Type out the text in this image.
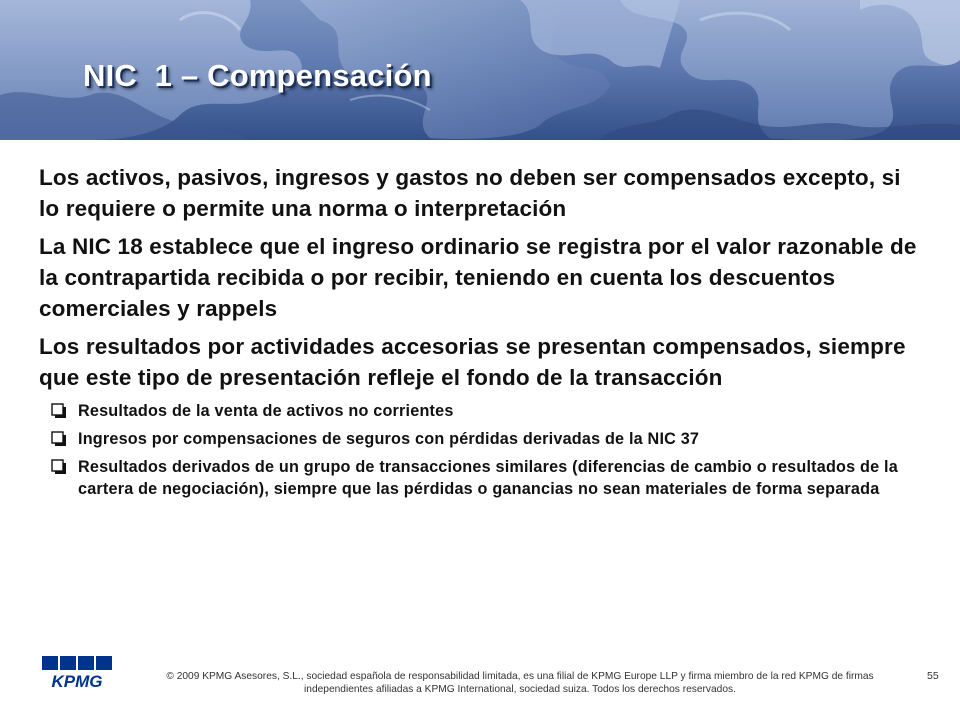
NIC  1 – Compensación

Los activos, pasivos, ingresos y gastos no deben ser compensados excepto, si lo requiere o permite una norma o interpretación

La NIC 18 establece que el ingreso ordinario se registra por el valor razonable de la contrapartida recibida o por recibir, teniendo en cuenta los descuentos comerciales y rappels

Los resultados por actividades accesorias se presentan compensados, siempre que este tipo de presentación refleje el fondo de la transacción

Resultados de la venta de activos no corrientes
Ingresos por compensaciones de seguros con pérdidas derivadas de la NIC 37
Resultados derivados de un grupo de transacciones similares (diferencias de cambio o resultados de la cartera de negociación), siempre que las pérdidas o ganancias no sean materiales de forma separada
KPMG	© 2009 KPMG Asesores, S.L., sociedad española de responsabilidad limitada, es una filial de KPMG Europe LLP y firma miembro de la red KPMG de firmas
independientes afiliadas a KPMG International, sociedad suiza. Todos los derechos reservados.
55
